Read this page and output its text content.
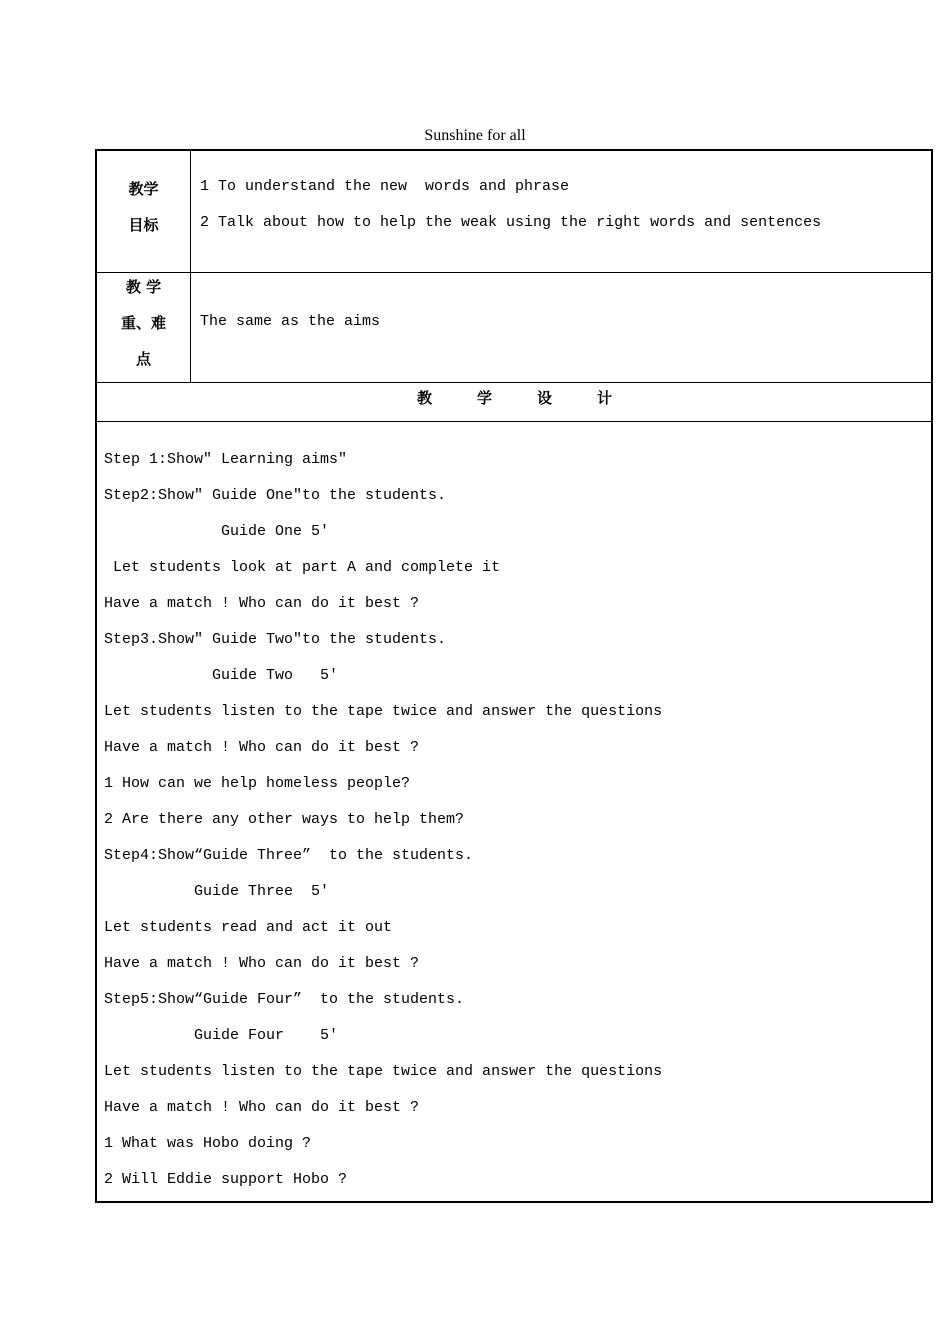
Sunshine for all
教学
目标
1 To understand the new  words and phrase
2 Talk about how to help the weak using the right words and sentences
教 学
重、难
点
The same as the aims
教	学	设	计
Step 1:Show" Learning aims"
Step2:Show" Guide One"to the students.
Guide One 5′
Let students look at part A and complete it
Have a match ! Who can do it best ?
Step3.Show" Guide Two"to the students.
Guide Two   5′
Let students listen to the tape twice and answer the questions
Have a match ! Who can do it best ?
1 How can we help homeless people?
2 Are there any other ways to help them?
Step4:Show“Guide Three”  to the students.
Guide Three  5′
Let students read and act it out
Have a match ! Who can do it best ?
Step5:Show“Guide Four”  to the students.
Guide Four    5′
Let students listen to the tape twice and answer the questions
Have a match ! Who can do it best ?
1 What was Hobo doing ?
2 Will Eddie support Hobo ?
